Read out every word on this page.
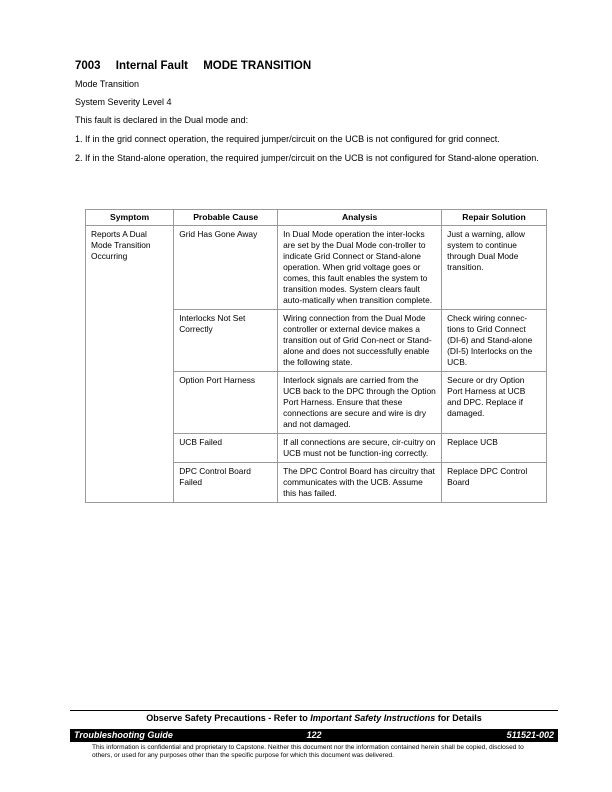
7003 Internal Fault MODE TRANSITION

Mode Transition

System Severity Level 4

This fault is declared in the Dual mode and:

1. If in the grid connect operation, the required jumper/circuit on the UCB is not configured for grid connect.

2. If in the Stand-alone operation, the required jumper/circuit on the UCB is not configured for Stand-alone operation.

Symptom	Probable Cause	Analysis	Repair Solution
Reports A Dual Mode Transition Occurring	Grid Has Gone Away	In Dual Mode operation the inter-locks are set by the Dual Mode con-troller to indicate Grid Connect or Stand-alone operation. When grid voltage goes or comes, this fault enables the system to transition modes. System clears fault auto-matically when transition complete.	Just a warning, allow system to continue through Dual Mode transition.
	Interlocks Not Set Correctly	Wiring connection from the Dual Mode controller or external device makes a transition out of Grid Con-nect or Stand-alone and does not successfully enable the following state.	Check wiring connec-tions to Grid Connect (DI-6) and Stand-alone (DI-5) Interlocks on the UCB.
	Option Port Harness	Interlock signals are carried from the UCB back to the DPC through the Option Port Harness. Ensure that these connections are secure and wire is dry and not damaged.	Secure or dry Option Port Harness at UCB and DPC. Replace if damaged.
	UCB Failed	If all connections are secure, cir-cuitry on UCB must not be function-ing correctly.	Replace UCB
	DPC Control Board Failed	The DPC Control Board has circuitry that communicates with the UCB. Assume this has failed.	Replace DPC Control Board
Observe Safety Precautions - Refer to Important Safety Instructions for Details
Troubleshooting Guide	122	511521-002
This information is confidential and proprietary to Capstone. Neither this document nor the information contained herein shall be copied, disclosed to others, or used for any purposes other than the specific purpose for which this document was delivered.
